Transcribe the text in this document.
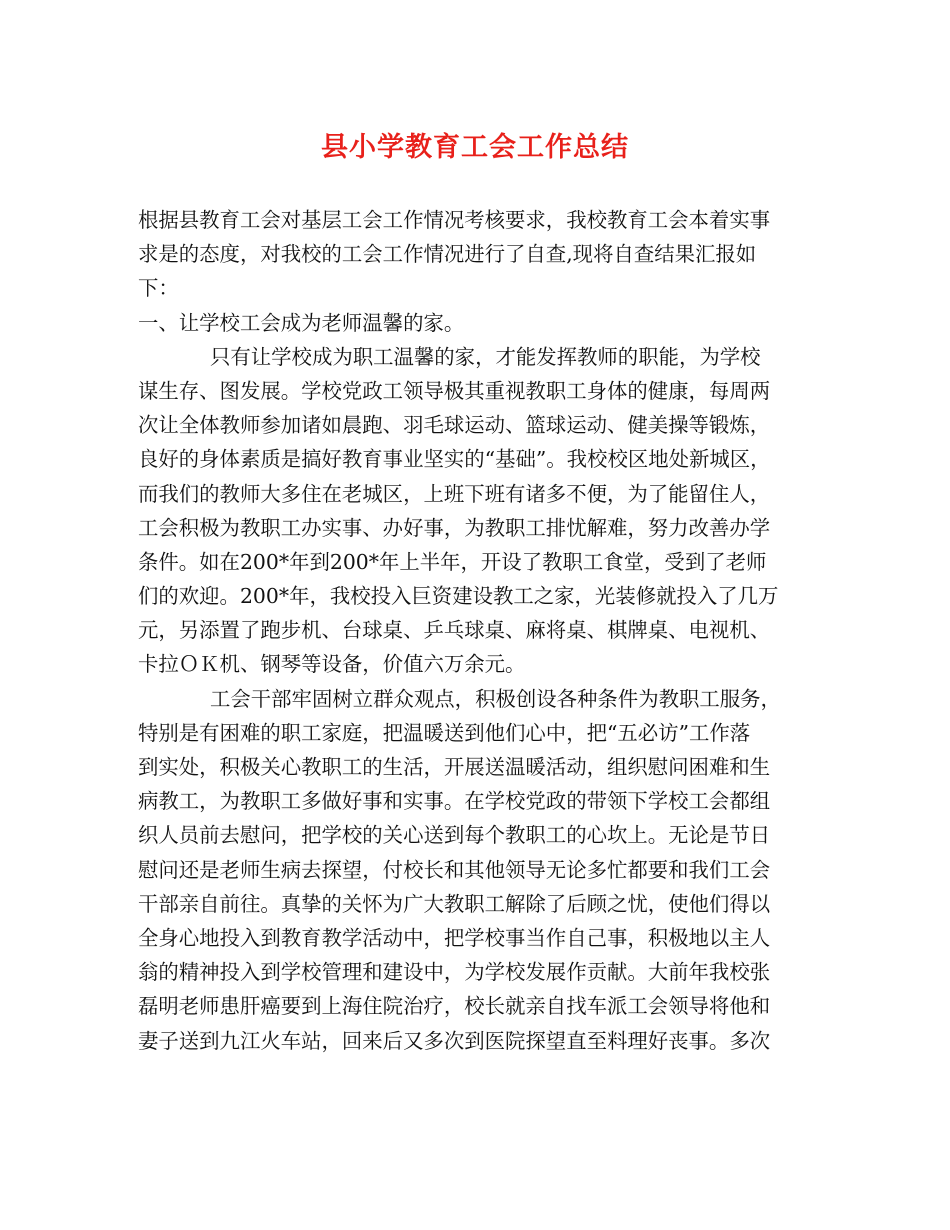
县小学教育工会工作总结
根据县教育工会对基层工会工作情况考核要求，我校教育工会本着实事
求是的态度，对我校的工会工作情况进行了自查,现将自查结果汇报如
下：
一、让学校工会成为老师温馨的家。
只有让学校成为职工温馨的家，才能发挥教师的职能，为学校
谋生存、图发展。学校党政工领导极其重视教职工身体的健康，每周两
次让全体教师参加诸如晨跑、羽毛球运动、篮球运动、健美操等锻炼，
良好的身体素质是搞好教育事业坚实的“基础”。我校校区地处新城区，
而我们的教师大多住在老城区，上班下班有诸多不便，为了能留住人，
工会积极为教职工办实事、办好事，为教职工排忧解难，努力改善办学
条件。如在200*年到200*年上半年，开设了教职工食堂，受到了老师
们的欢迎。200*年，我校投入巨资建设教工之家，光装修就投入了几万
元，另添置了跑步机、台球桌、乒乓球桌、麻将桌、棋牌桌、电视机、
卡拉ＯＫ机、钢琴等设备，价值六万余元。
工会干部牢固树立群众观点，积极创设各种条件为教职工服务，
特别是有困难的职工家庭，把温暖送到他们心中，把“五必访”工作落
到实处，积极关心教职工的生活，开展送温暖活动，组织慰问困难和生
病教工，为教职工多做好事和实事。在学校党政的带领下学校工会都组
织人员前去慰问，把学校的关心送到每个教职工的心坎上。无论是节日
慰问还是老师生病去探望，付校长和其他领导无论多忙都要和我们工会
干部亲自前往。真挚的关怀为广大教职工解除了后顾之忧，使他们得以
全身心地投入到教育教学活动中，把学校事当作自己事，积极地以主人
翁的精神投入到学校管理和建设中，为学校发展作贡献。大前年我校张
磊明老师患肝癌要到上海住院治疗，校长就亲自找车派工会领导将他和
妻子送到九江火车站，回来后又多次到医院探望直至料理好丧事。多次
